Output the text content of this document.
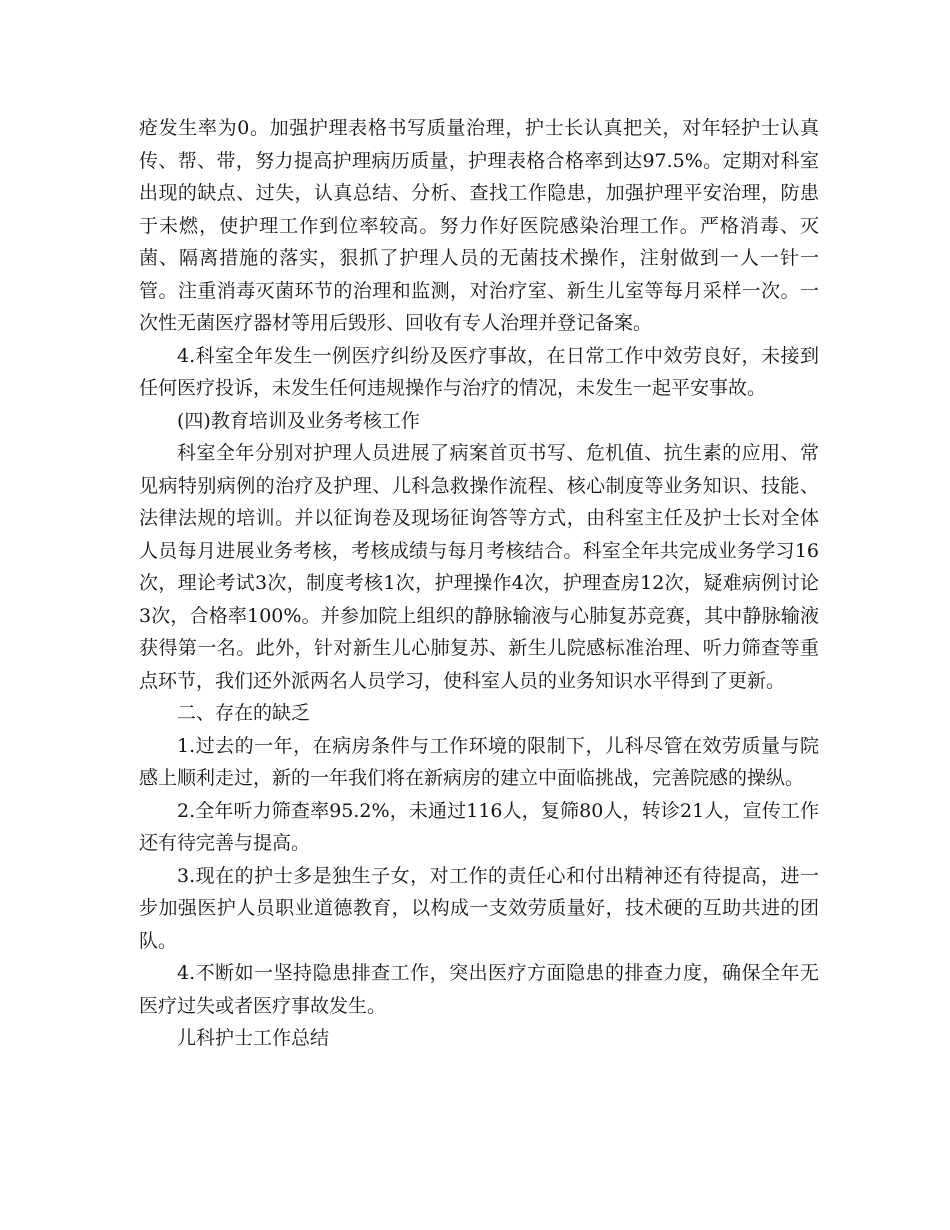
疮发生率为0。加强护理表格书写质量治理，护士长认真把关，对年轻护士认真传、帮、带，努力提高护理病历质量，护理表格合格率到达97.5%。定期对科室出现的缺点、过失，认真总结、分析、查找工作隐患，加强护理平安治理，防患于未燃，使护理工作到位率较高。努力作好医院感染治理工作。严格消毒、灭菌、隔离措施的落实，狠抓了护理人员的无菌技术操作，注射做到一人一针一管。注重消毒灭菌环节的治理和监测，对治疗室、新生儿室等每月采样一次。一次性无菌医疗器材等用后毁形、回收有专人治理并登记备案。

4.科室全年发生一例医疗纠纷及医疗事故，在日常工作中效劳良好，未接到任何医疗投诉，未发生任何违规操作与治疗的情况，未发生一起平安事故。

(四)教育培训及业务考核工作

科室全年分别对护理人员进展了病案首页书写、危机值、抗生素的应用、常见病特别病例的治疗及护理、儿科急救操作流程、核心制度等业务知识、技能、法律法规的培训。并以征询卷及现场征询答等方式，由科室主任及护士长对全体人员每月进展业务考核，考核成绩与每月考核结合。科室全年共完成业务学习16次，理论考试3次，制度考核1次，护理操作4次，护理查房12次，疑难病例讨论3次，合格率100%。并参加院上组织的静脉输液与心肺复苏竞赛，其中静脉输液获得第一名。此外，针对新生儿心肺复苏、新生儿院感标准治理、听力筛查等重点环节，我们还外派两名人员学习，使科室人员的业务知识水平得到了更新。

二、存在的缺乏

1.过去的一年，在病房条件与工作环境的限制下，儿科尽管在效劳质量与院感上顺利走过，新的一年我们将在新病房的建立中面临挑战，完善院感的操纵。

2.全年听力筛查率95.2%，未通过116人，复筛80人，转诊21人，宣传工作还有待完善与提高。

3.现在的护士多是独生子女，对工作的责任心和付出精神还有待提高，进一步加强医护人员职业道德教育，以构成一支效劳质量好，技术硬的互助共进的团队。

4.不断如一坚持隐患排查工作，突出医疗方面隐患的排查力度，确保全年无医疗过失或者医疗事故发生。

儿科护士工作总结
